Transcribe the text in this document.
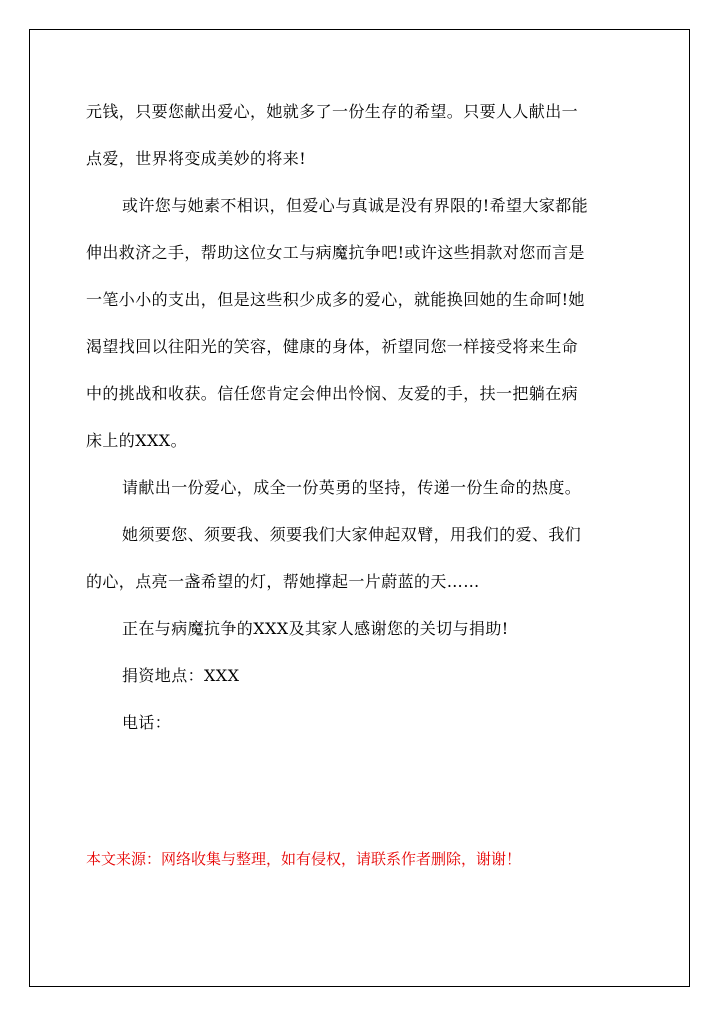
元钱，只要您献出爱心，她就多了一份生存的希望。只要人人献出一
点爱，世界将变成美妙的将来!
或许您与她素不相识，但爱心与真诚是没有界限的!希望大家都能
伸出救济之手，帮助这位女工与病魔抗争吧!或许这些捐款对您而言是
一笔小小的支出，但是这些积少成多的爱心，就能换回她的生命呵!她
渴望找回以往阳光的笑容，健康的身体，祈望同您一样接受将来生命
中的挑战和收获。信任您肯定会伸出怜悯、友爱的手，扶一把躺在病
床上的XXX。
请献出一份爱心，成全一份英勇的坚持，传递一份生命的热度。
她须要您、须要我、须要我们大家伸起双臂，用我们的爱、我们
的心，点亮一盏希望的灯，帮她撑起一片蔚蓝的天……
正在与病魔抗争的XXX及其家人感谢您的关切与捐助!
捐资地点：XXX
电话：
本文来源：网络收集与整理，如有侵权，请联系作者删除，谢谢！
